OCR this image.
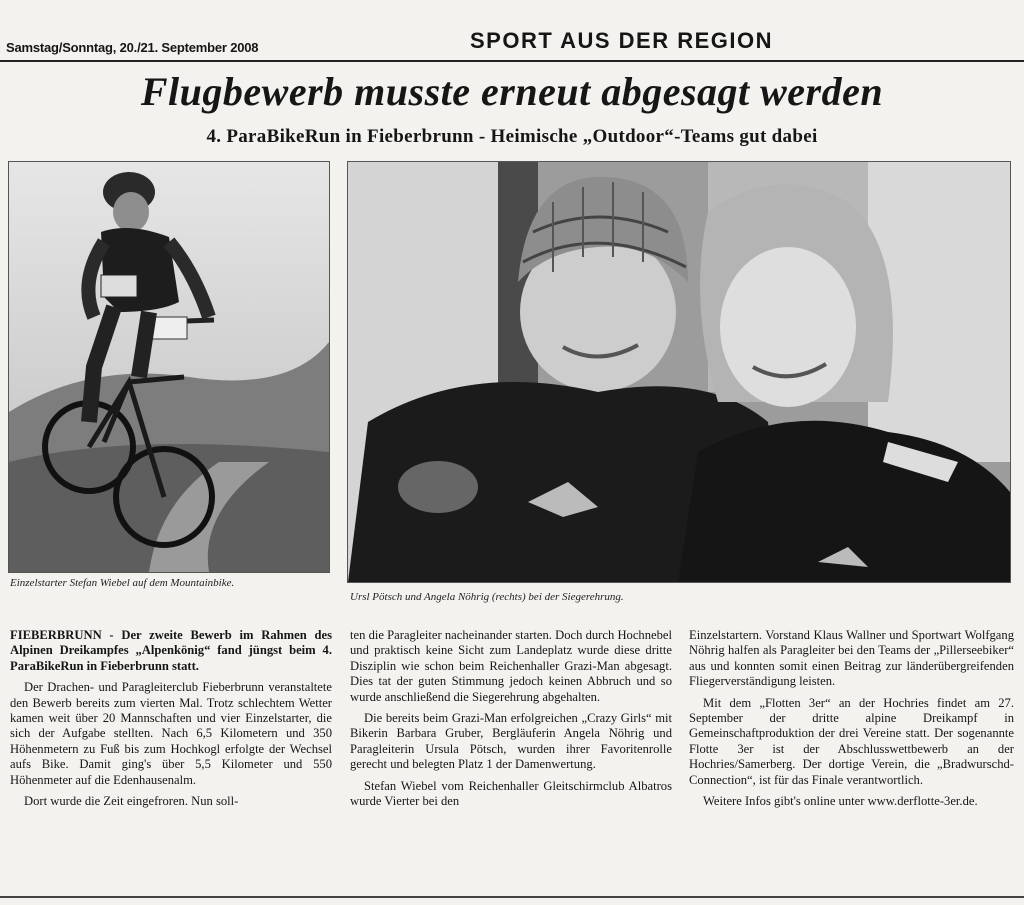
Samstag/Sonntag, 20./21. September 2008	SPORT AUS DER REGION
Flugbewerb musste erneut abgesagt werden
4. ParaBikeRun in Fieberbrunn - Heimische „Outdoor“-Teams gut dabei
Einzelstarter Stefan Wiebel auf dem Mountainbike.
Ursl Pötsch und Angela Nöhrig (rechts) bei der Siegerehrung.

FIEBERBRUNN - Der zweite Bewerb im Rahmen des Alpinen Dreikampfes „Alpenkönig“ fand jüngst beim 4. ParaBikeRun in Fieberbrunn statt.

Der Drachen- und Paragleiterclub Fieberbrunn veranstaltete den Bewerb bereits zum vierten Mal. Trotz schlechtem Wetter kamen weit über 20 Mannschaften und vier Einzelstarter, die sich der Aufgabe stellten. Nach 6,5 Kilometern und 350 Höhenmetern zu Fuß bis zum Hochkogl erfolgte der Wechsel aufs Bike. Damit ging's über 5,5 Kilometer und 550 Höhenmeter auf die Edenhausenalm.

Dort wurde die Zeit eingefroren. Nun soll-

ten die Paragleiter nacheinander starten. Doch durch Hochnebel und praktisch keine Sicht zum Landeplatz wurde diese dritte Disziplin wie schon beim Reichenhaller Grazi-Man abgesagt. Dies tat der guten Stimmung jedoch keinen Abbruch und so wurde anschließend die Siegerehrung abgehalten.

Die bereits beim Grazi-Man erfolgreichen „Crazy Girls“ mit Bikerin Barbara Gruber, Bergläuferin Angela Nöhrig und Paragleiterin Ursula Pötsch, wurden ihrer Favoritenrolle gerecht und belegten Platz 1 der Damenwertung.

Stefan Wiebel vom Reichenhaller Gleitschirmclub Albatros wurde Vierter bei den

Einzelstartern. Vorstand Klaus Wallner und Sportwart Wolfgang Nöhrig halfen als Paragleiter bei den Teams der „Pillerseebiker“ aus und konnten somit einen Beitrag zur länderübergreifenden Fliegerverständigung leisten.

Mit dem „Flotten 3er“ an der Hochries findet am 27. September der dritte alpine Dreikampf in Gemeinschaftproduktion der drei Vereine statt. Der sogenannte Flotte 3er ist der Abschlusswettbewerb an der Hochries/Samerberg. Der dortige Verein, die „Bradwurschd-Connection“, ist für das Finale verantwortlich.

Weitere Infos gibt's online unter www.derflotte-3er.de.
